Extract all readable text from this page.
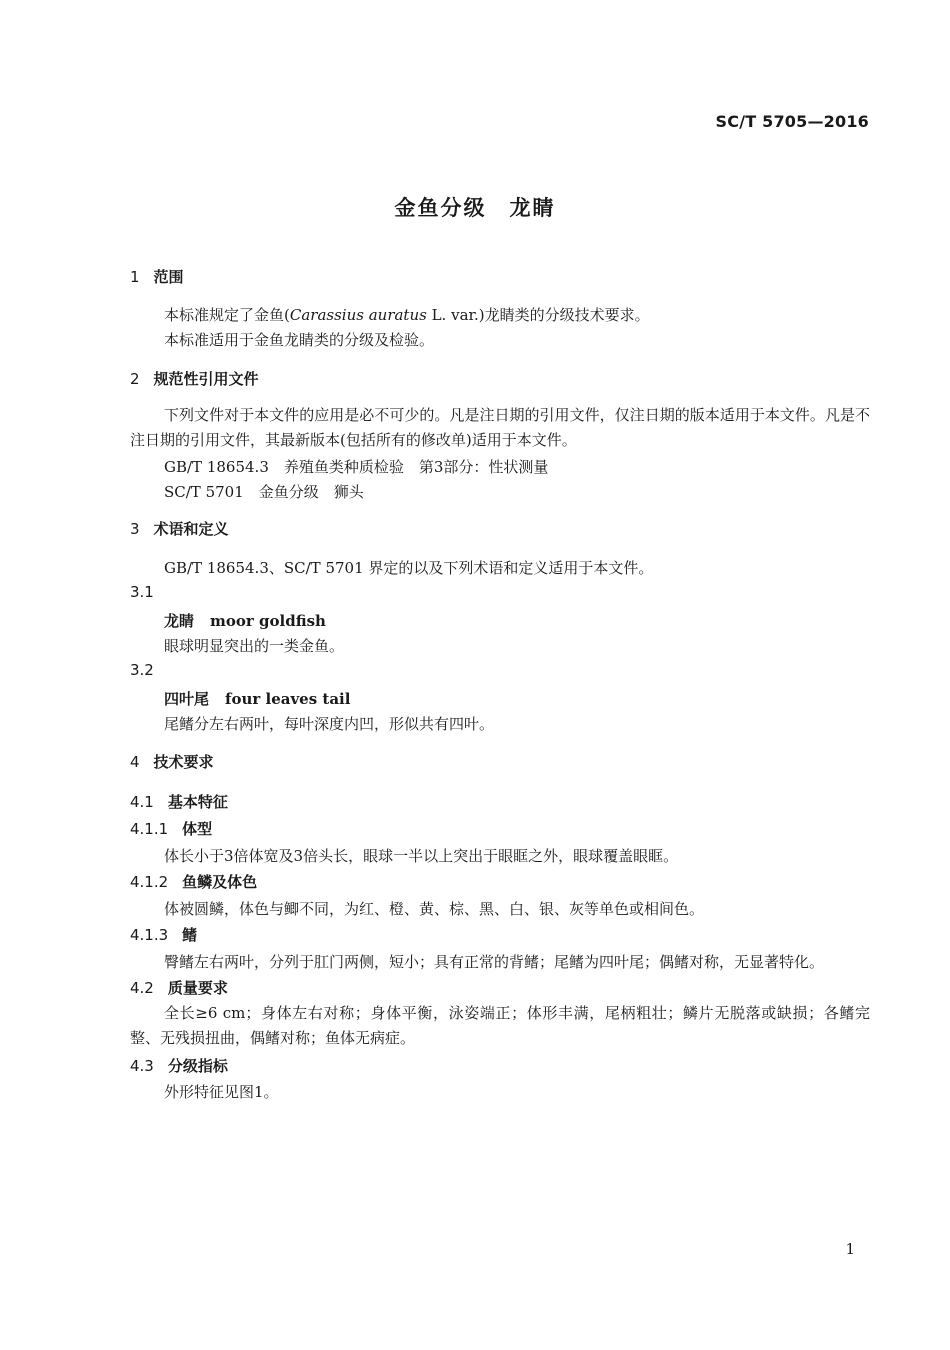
SC/T 5705—2016
金鱼分级　龙睛
1 范围
本标准规定了金鱼(Carassius auratus L. var.)龙睛类的分级技术要求。
本标准适用于金鱼龙睛类的分级及检验。
2 规范性引用文件
下列文件对于本文件的应用是必不可少的。凡是注日期的引用文件，仅注日期的版本适用于本文件。凡是不注日期的引用文件，其最新版本(包括所有的修改单)适用于本文件。
GB/T 18654.3　养殖鱼类种质检验　第3部分：性状测量
SC/T 5701　金鱼分级　狮头
3 术语和定义
GB/T 18654.3、SC/T 5701 界定的以及下列术语和定义适用于本文件。
3.1
龙睛 moor goldfish
眼球明显突出的一类金鱼。
3.2
四叶尾 four leaves tail
尾鳍分左右两叶，每叶深度内凹，形似共有四叶。
4 技术要求
4.1 基本特征
4.1.1 体型
体长小于3倍体宽及3倍头长，眼球一半以上突出于眼眶之外，眼球覆盖眼眶。
4.1.2 鱼鳞及体色
体被圆鳞，体色与鲫不同，为红、橙、黄、棕、黑、白、银、灰等单色或相间色。
4.1.3 鳍
臀鳍左右两叶，分列于肛门两侧，短小；具有正常的背鳍；尾鳍为四叶尾；偶鳍对称，无显著特化。
4.2 质量要求
全长≥6 cm；身体左右对称；身体平衡，泳姿端正；体形丰满，尾柄粗壮；鳞片无脱落或缺损；各鳍完整、无残损扭曲，偶鳍对称；鱼体无病症。
4.3 分级指标
外形特征见图1。
1
